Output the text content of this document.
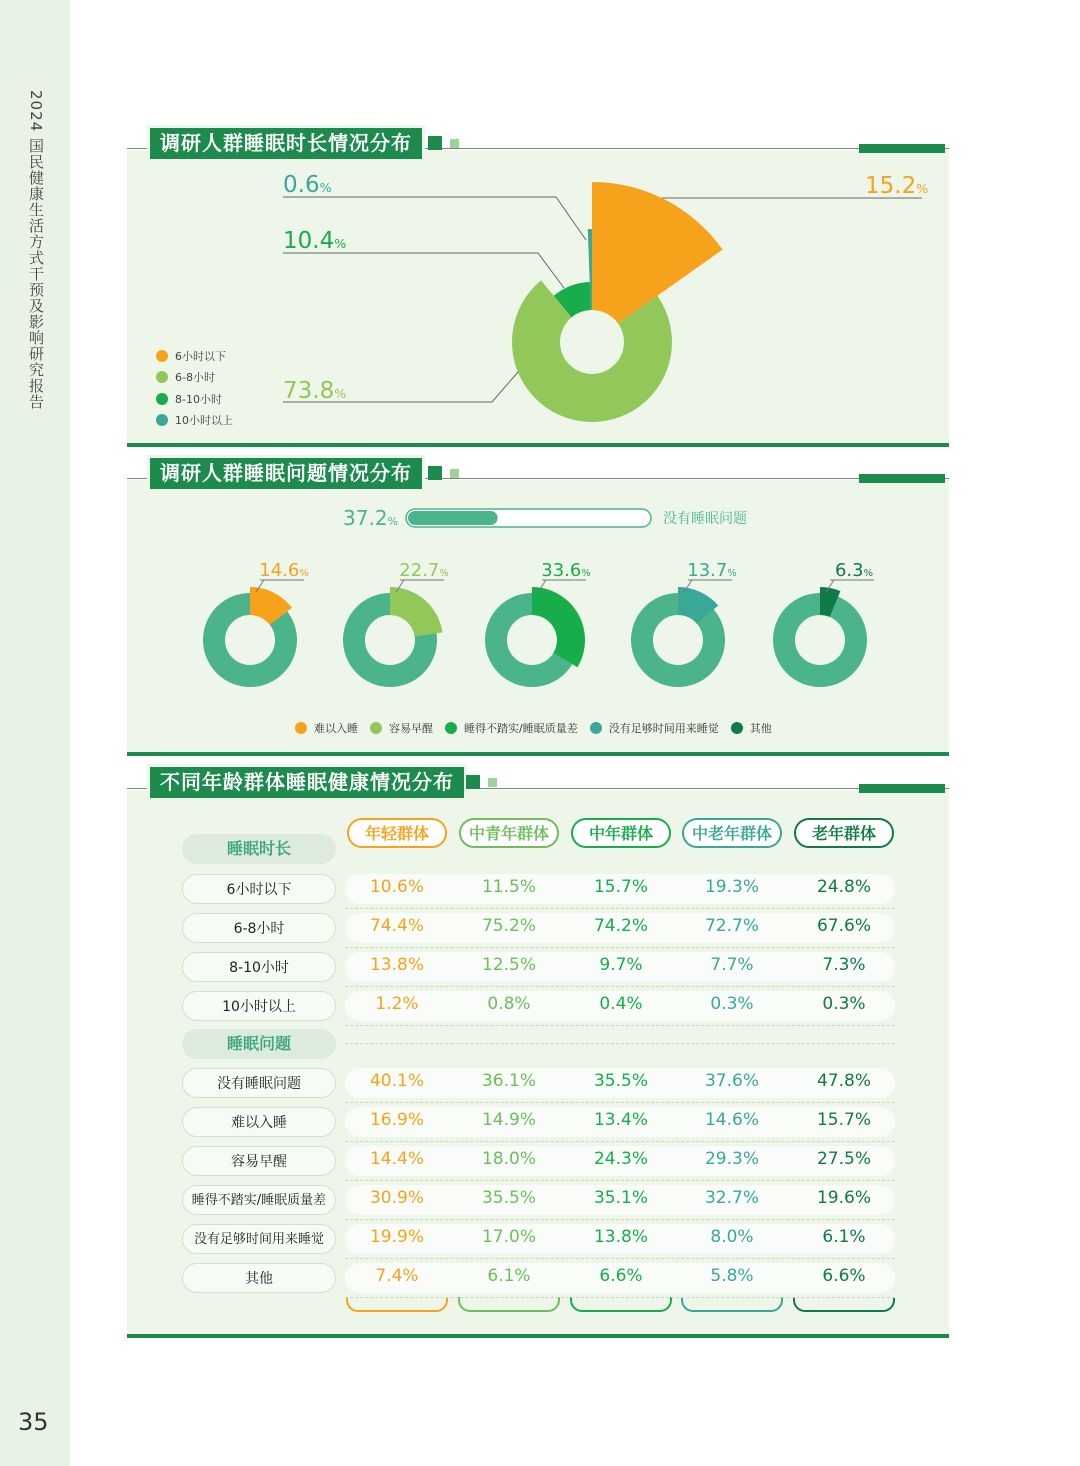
2024 国民健康生活方式干预及影响研究报告
35
调研人群睡眠时长情况分布
15.2%
73.8%
10.4%
0.6%
6小时以下
6-8小时
8-10小时
10小时以上
调研人群睡眠问题情况分布
37.2%	没有睡眠问题
14.6%	22.7%	33.6%	13.7%	6.3%
难以入睡	容易早醒	睡得不踏实/睡眠质量差	没有足够时间用来睡觉	其他
不同年龄群体睡眠健康情况分布
年轻群体	中青年群体	中年群体	中老年群体	老年群体
睡眠时长
6小时以下	10.6%	11.5%	15.7%	19.3%	24.8%
6-8小时	74.4%	75.2%	74.2%	72.7%	67.6%
8-10小时	13.8%	12.5%	9.7%	7.7%	7.3%
10小时以上	1.2%	0.8%	0.4%	0.3%	0.3%
睡眠问题
没有睡眠问题	40.1%	36.1%	35.5%	37.6%	47.8%
难以入睡	16.9%	14.9%	13.4%	14.6%	15.7%
容易早醒	14.4%	18.0%	24.3%	29.3%	27.5%
睡得不踏实/睡眠质量差	30.9%	35.5%	35.1%	32.7%	19.6%
没有足够时间用来睡觉	19.9%	17.0%	13.8%	8.0%	6.1%
其他	7.4%	6.1%	6.6%	5.8%	6.6%
